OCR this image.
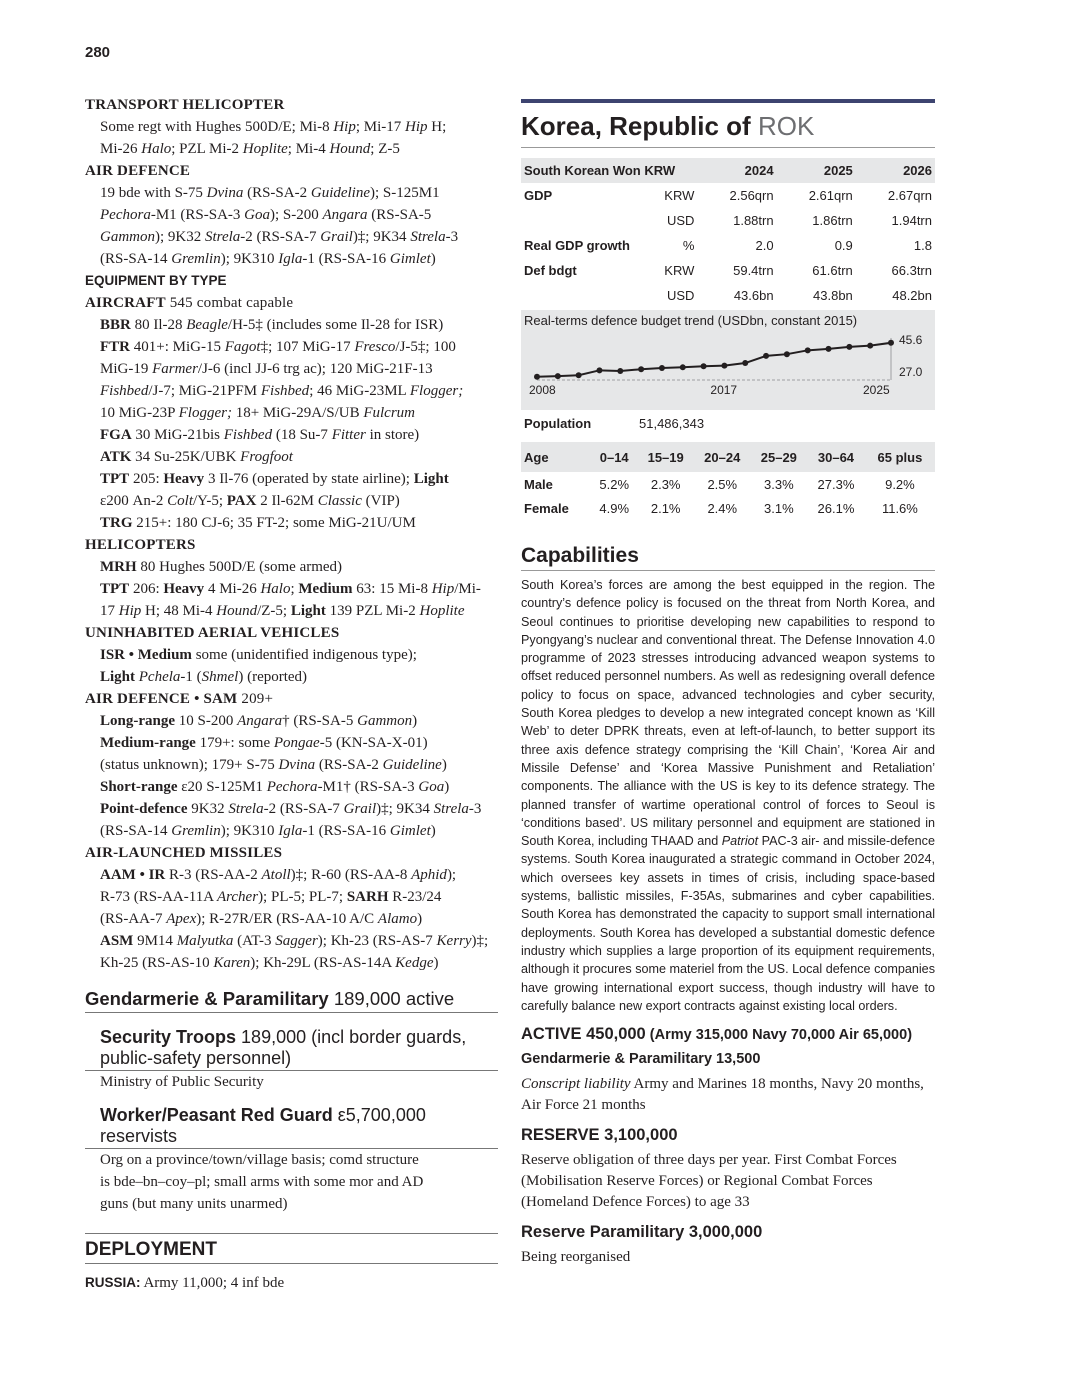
280
TRANSPORT HELICOPTER
Some regt with Hughes 500D/E; Mi-8 Hip; Mi-17 Hip H;
Mi-26 Halo; PZL Mi-2 Hoplite; Mi-4 Hound; Z-5
AIR DEFENCE
19 bde with S-75 Dvina (RS-SA-2 Guideline); S-125M1
Pechora-M1 (RS-SA-3 Goa); S-200 Angara (RS-SA-5
Gammon); 9K32 Strela-2 (RS-SA-7 Grail)‡; 9K34 Strela-3
(RS-SA-14 Gremlin); 9K310 Igla-1 (RS-SA-16 Gimlet)
EQUIPMENT BY TYPE
AIRCRAFT 545 combat capable
BBR 80 Il-28 Beagle/H-5‡ (includes some Il-28 for ISR)
FTR 401+: MiG-15 Fagot‡; 107 MiG-17 Fresco/J-5‡; 100
MiG-19 Farmer/J-6 (incl JJ-6 trg ac); 120 MiG-21F-13
Fishbed/J-7; MiG-21PFM Fishbed; 46 MiG-23ML Flogger;
10 MiG-23P Flogger; 18+ MiG-29A/S/UB Fulcrum
FGA 30 MiG-21bis Fishbed (18 Su-7 Fitter in store)
ATK 34 Su-25K/UBK Frogfoot
TPT 205: Heavy 3 Il-76 (operated by state airline); Light
ε200 An-2 Colt/Y-5; PAX 2 Il-62M Classic (VIP)
TRG 215+: 180 CJ-6; 35 FT-2; some MiG-21U/UM
HELICOPTERS
MRH 80 Hughes 500D/E (some armed)
TPT 206: Heavy 4 Mi-26 Halo; Medium 63: 15 Mi-8 Hip/Mi-
17 Hip H; 48 Mi-4 Hound/Z-5; Light 139 PZL Mi-2 Hoplite
UNINHABITED AERIAL VEHICLES
ISR • Medium some (unidentified indigenous type);
Light Pchela-1 (Shmel) (reported)
AIR DEFENCE • SAM 209+
Long-range 10 S-200 Angara† (RS-SA-5 Gammon)
Medium-range 179+: some Pongae-5 (KN-SA-X-01)
(status unknown); 179+ S-75 Dvina (RS-SA-2 Guideline)
Short-range ε20 S-125M1 Pechora-M1† (RS-SA-3 Goa)
Point-defence 9K32 Strela-2 (RS-SA-7 Grail)‡; 9K34 Strela-3
(RS-SA-14 Gremlin); 9K310 Igla-1 (RS-SA-16 Gimlet)
AIR-LAUNCHED MISSILES
AAM • IR R-3 (RS-AA-2 Atoll)‡; R-60 (RS-AA-8 Aphid);
R-73 (RS-AA-11A Archer); PL-5; PL-7; SARH R-23/24
(RS-AA-7 Apex); R-27R/ER (RS-AA-10 A/C Alamo)
ASM 9M14 Malyutka (AT-3 Sagger); Kh-23 (RS-AS-7 Kerry)‡;
Kh-25 (RS-AS-10 Karen); Kh-29L (RS-AS-14A Kedge)
Gendarmerie & Paramilitary 189,000 active
Security Troops 189,000 (incl border guards,
public-safety personnel)
Ministry of Public Security
Worker/Peasant Red Guard ε5,700,000
reservists
Org on a province/town/village basis; comd structure
is bde–bn–coy–pl; small arms with some mor and AD
guns (but many units unarmed)
DEPLOYMENT
RUSSIA: Army 11,000; 4 inf bde
Korea, Republic of ROK
South Korean Won KRW		2024	2025	2026
GDP	KRW	2.56qrn	2.61qrn	2.67qrn
	USD	1.88trn	1.86trn	1.94trn
Real GDP growth	%	2.0	0.9	1.8
Def bdgt	KRW	59.4trn	61.6trn	66.3trn
	USD	43.6bn	43.8bn	48.2bn
Real-terms defence budget trend (USDbn, constant 2015)
45.6
27.0
2008	2017	2025
Population	51,486,343
Age	0–14	15–19	20–24	25–29	30–64	65 plus
Male	5.2%	2.3%	2.5%	3.3%	27.3%	9.2%
Female	4.9%	2.1%	2.4%	3.1%	26.1%	11.6%
Capabilities
South Korea’s forces are among the best equipped in the region. The country’s defence policy is focused on the threat from North Korea, and Seoul continues to prioritise developing new capabilities to respond to Pyongyang’s nuclear and conventional threat. The Defense Innovation 4.0 programme of 2023 stresses introducing advanced weapon systems to offset reduced personnel numbers. As well as redesigning overall defence policy to focus on space, advanced technologies and cyber security, South Korea pledges to develop a new integrated concept known as ‘Kill Web’ to deter DPRK threats, even at left-of-launch, to better support its three axis defence strategy comprising the ‘Kill Chain’, ‘Korea Air and Missile Defense’ and ‘Korea Massive Punishment and Retaliation’ components. The alliance with the US is key to its defence strategy. The planned transfer of wartime operational control of forces to Seoul is ‘conditions based’. US military personnel and equipment are stationed in South Korea, including THAAD and Patriot PAC-3 air- and missile-defence systems. South Korea inaugurated a strategic command in October 2024, which oversees key assets in times of crisis, including space-based systems, ballistic missiles, F-35As, submarines and cyber capabilities. South Korea has demonstrated the capacity to support small international deployments. South Korea has developed a substantial domestic defence industry which supplies a large proportion of its equipment requirements, although it procures some materiel from the US. Local defence companies have growing international export success, though industry will have to carefully balance new export contracts against existing local orders.
ACTIVE 450,000 (Army 315,000 Navy 70,000 Air 65,000) Gendarmerie & Paramilitary 13,500
Conscript liability Army and Marines 18 months, Navy 20 months, Air Force 21 months
RESERVE 3,100,000
Reserve obligation of three days per year. First Combat Forces (Mobilisation Reserve Forces) or Regional Combat Forces (Homeland Defence Forces) to age 33
Reserve Paramilitary 3,000,000
Being reorganised
